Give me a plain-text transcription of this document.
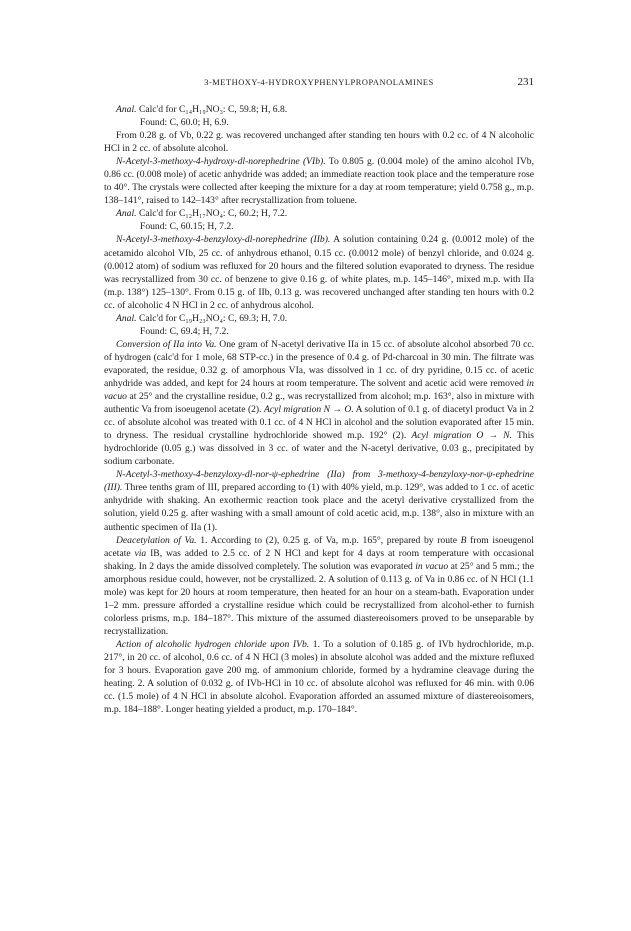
3-METHOXY-4-HYDROXYPHENYLPROPANOLAMINES	231

Anal. Calc'd for C₁₄H₁₉NO₃: C, 59.8; H, 6.8.

Found: C, 60.0; H, 6.9.

From 0.28 g. of Vb, 0.22 g. was recovered unchanged after standing ten hours with 0.2 cc. of 4 N alcoholic HCl in 2 cc. of absolute alcohol.

N-Acetyl-3-methoxy-4-hydroxy-dl-norephedrine (VIb). To 0.805 g. (0.004 mole) of the amino alcohol IVb, 0.86 cc. (0.008 mole) of acetic anhydride was added; an immediate reaction took place and the temperature rose to 40°. The crystals were collected after keeping the mixture for a day at room temperature; yield 0.758 g., m.p. 138–141°, raised to 142–143° after recrystallization from toluene.

Anal. Calc'd for C₁₂H₁₇NO₄: C, 60.2; H, 7.2.

Found: C, 60.15; H, 7.2.

N-Acetyl-3-methoxy-4-benzyloxy-dl-norephedrine (IIb). A solution containing 0.24 g. (0.0012 mole) of the acetamido alcohol VIb, 25 cc. of anhydrous ethanol, 0.15 cc. (0.0012 mole) of benzyl chloride, and 0.024 g. (0.0012 atom) of sodium was refluxed for 20 hours and the filtered solution evaporated to dryness. The residue was recrystallized from 30 cc. of benzene to give 0.16 g. of white plates, m.p. 145–146°, mixed m.p. with IIa (m.p. 138°) 125–130°. From 0.15 g. of IIb, 0.13 g. was recovered unchanged after standing ten hours with 0.2 cc. of alcoholic 4 N HCl in 2 cc. of anhydrous alcohol.

Anal. Calc'd for C₁₉H₂₃NO₄: C, 69.3; H, 7.0.

Found: C, 69.4; H, 7.2.

Conversion of IIa into Va. One gram of N-acetyl derivative IIa in 15 cc. of absolute alcohol absorbed 70 cc. of hydrogen (calc'd for 1 mole, 68 STP-cc.) in the presence of 0.4 g. of Pd-charcoal in 30 min. The filtrate was evaporated, the residue, 0.32 g. of amorphous VIa, was dissolved in 1 cc. of dry pyridine, 0.15 cc. of acetic anhydride was added, and kept for 24 hours at room temperature. The solvent and acetic acid were removed in vacuo at 25° and the crystalline residue, 0.2 g., was recrystallized from alcohol; m.p. 163°, also in mixture with authentic Va from isoeugenol acetate (2). Acyl migration N → O. A solution of 0.1 g. of diacetyl product Va in 2 cc. of absolute alcohol was treated with 0.1 cc. of 4 N HCl in alcohol and the solution evaporated after 15 min. to dryness. The residual crystalline hydrochloride showed m.p. 192° (2). Acyl migration O → N. This hydrochloride (0.05 g.) was dissolved in 3 cc. of water and the N-acetyl derivative, 0.03 g., precipitated by sodium carbonate.

N-Acetyl-3-methoxy-4-benzyloxy-dl-nor-ψ-ephedrine (IIa) from 3-methoxy-4-benzyloxy-nor-ψ-ephedrine (III). Three tenths gram of III, prepared according to (1) with 40% yield, m.p. 129°, was added to 1 cc. of acetic anhydride with shaking. An exothermic reaction took place and the acetyl derivative crystallized from the solution, yield 0.25 g. after washing with a small amount of cold acetic acid, m.p. 138°, also in mixture with an authentic specimen of IIa (1).

Deacetylation of Va. 1. According to (2), 0.25 g. of Va, m.p. 165°, prepared by route B from isoeugenol acetate via IB, was added to 2.5 cc. of 2 N HCl and kept for 4 days at room temperature with occasional shaking. In 2 days the amide dissolved completely. The solution was evaporated in vacuo at 25° and 5 mm.; the amorphous residue could, however, not be crystallized. 2. A solution of 0.113 g. of Va in 0.86 cc. of N HCl (1.1 mole) was kept for 20 hours at room temperature, then heated for an hour on a steam-bath. Evaporation under 1–2 mm. pressure afforded a crystalline residue which could be recrystallized from alcohol-ether to furnish colorless prisms, m.p. 184–187°. This mixture of the assumed diastereoisomers proved to be unseparable by recrystallization.

Action of alcoholic hydrogen chloride upon IVb. 1. To a solution of 0.185 g. of IVb hydrochloride, m.p. 217°, in 20 cc. of alcohol, 0.6 cc. of 4 N HCl (3 moles) in absolute alcohol was added and the mixture refluxed for 3 hours. Evaporation gave 200 mg. of ammonium chloride, formed by a hydramine cleavage during the heating. 2. A solution of 0.032 g. of IVb-HCl in 10 cc. of absolute alcohol was refluxed for 46 min. with 0.06 cc. (1.5 mole) of 4 N HCl in absolute alcohol. Evaporation afforded an assumed mixture of diastereoisomers, m.p. 184–188°. Longer heating yielded a product, m.p. 170–184°.
